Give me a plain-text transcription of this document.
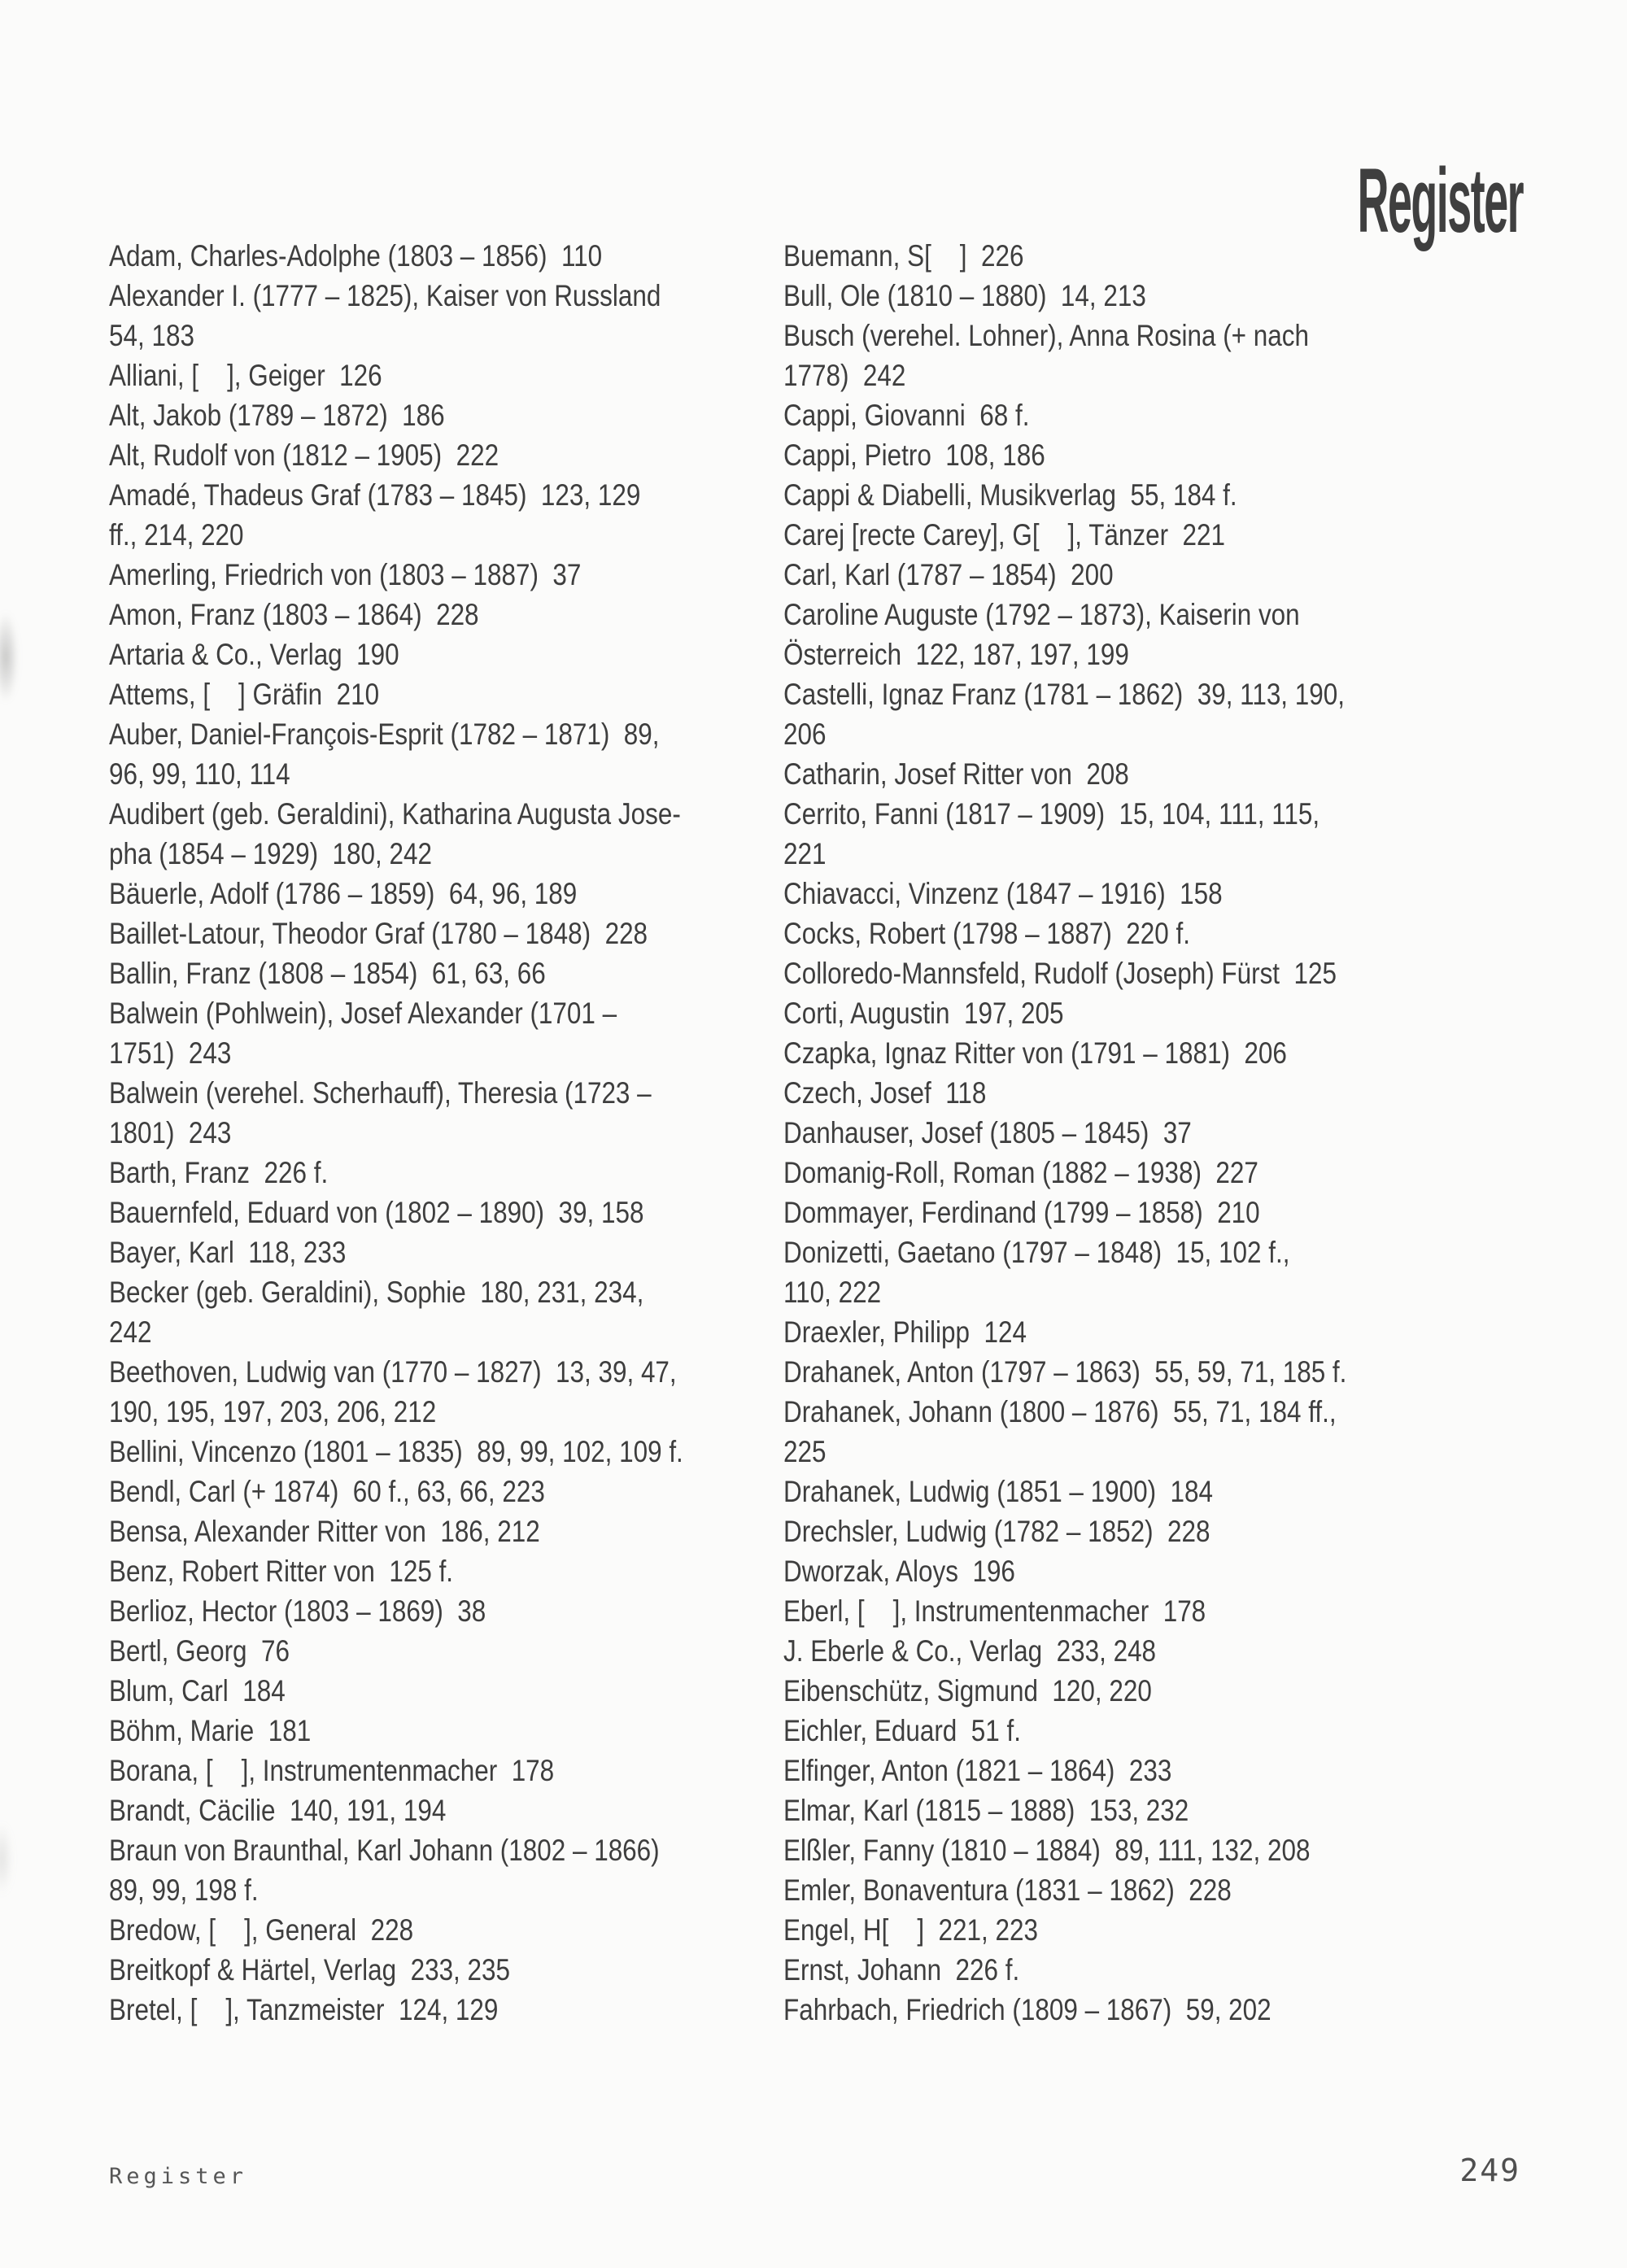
Register
Adam, Charles-Adolphe (1803 – 1856)  110
Alexander I. (1777 – 1825), Kaiser von Russland
54, 183
Alliani, [    ], Geiger  126
Alt, Jakob (1789 – 1872)  186
Alt, Rudolf von (1812 – 1905)  222
Amadé, Thadeus Graf (1783 – 1845)  123, 129
ff., 214, 220
Amerling, Friedrich von (1803 – 1887)  37
Amon, Franz (1803 – 1864)  228
Artaria & Co., Verlag  190
Attems, [    ] Gräfin  210
Auber, Daniel-François-Esprit (1782 – 1871)  89,
96, 99, 110, 114
Audibert (geb. Geraldini), Katharina Augusta Jose-
pha (1854 – 1929)  180, 242
Bäuerle, Adolf (1786 – 1859)  64, 96, 189
Baillet-Latour, Theodor Graf (1780 – 1848)  228
Ballin, Franz (1808 – 1854)  61, 63, 66
Balwein (Pohlwein), Josef Alexander (1701 –
1751)  243
Balwein (verehel. Scherhauff), Theresia (1723 –
1801)  243
Barth, Franz  226 f.
Bauernfeld, Eduard von (1802 – 1890)  39, 158
Bayer, Karl  118, 233
Becker (geb. Geraldini), Sophie  180, 231, 234,
242
Beethoven, Ludwig van (1770 – 1827)  13, 39, 47,
190, 195, 197, 203, 206, 212
Bellini, Vincenzo (1801 – 1835)  89, 99, 102, 109 f.
Bendl, Carl (+ 1874)  60 f., 63, 66, 223
Bensa, Alexander Ritter von  186, 212
Benz, Robert Ritter von  125 f.
Berlioz, Hector (1803 – 1869)  38
Bertl, Georg  76
Blum, Carl  184
Böhm, Marie  181
Borana, [    ], Instrumentenmacher  178
Brandt, Cäcilie  140, 191, 194
Braun von Braunthal, Karl Johann (1802 – 1866)
89, 99, 198 f.
Bredow, [    ], General  228
Breitkopf & Härtel, Verlag  233, 235
Bretel, [    ], Tanzmeister  124, 129
Buemann, S[    ]  226
Bull, Ole (1810 – 1880)  14, 213
Busch (verehel. Lohner), Anna Rosina (+ nach
1778)  242
Cappi, Giovanni  68 f.
Cappi, Pietro  108, 186
Cappi & Diabelli, Musikverlag  55, 184 f.
Carej [recte Carey], G[    ], Tänzer  221
Carl, Karl (1787 – 1854)  200
Caroline Auguste (1792 – 1873), Kaiserin von
Österreich  122, 187, 197, 199
Castelli, Ignaz Franz (1781 – 1862)  39, 113, 190,
206
Catharin, Josef Ritter von  208
Cerrito, Fanni (1817 – 1909)  15, 104, 111, 115,
221
Chiavacci, Vinzenz (1847 – 1916)  158
Cocks, Robert (1798 – 1887)  220 f.
Colloredo-Mannsfeld, Rudolf (Joseph) Fürst  125
Corti, Augustin  197, 205
Czapka, Ignaz Ritter von (1791 – 1881)  206
Czech, Josef  118
Danhauser, Josef (1805 – 1845)  37
Domanig-Roll, Roman (1882 – 1938)  227
Dommayer, Ferdinand (1799 – 1858)  210
Donizetti, Gaetano (1797 – 1848)  15, 102 f.,
110, 222
Draexler, Philipp  124
Drahanek, Anton (1797 – 1863)  55, 59, 71, 185 f.
Drahanek, Johann (1800 – 1876)  55, 71, 184 ff.,
225
Drahanek, Ludwig (1851 – 1900)  184
Drechsler, Ludwig (1782 – 1852)  228
Dworzak, Aloys  196
Eberl, [    ], Instrumentenmacher  178
J. Eberle & Co., Verlag  233, 248
Eibenschütz, Sigmund  120, 220
Eichler, Eduard  51 f.
Elfinger, Anton (1821 – 1864)  233
Elmar, Karl (1815 – 1888)  153, 232
Elßler, Fanny (1810 – 1884)  89, 111, 132, 208
Emler, Bonaventura (1831 – 1862)  228
Engel, H[    ]  221, 223
Ernst, Johann  226 f.
Fahrbach, Friedrich (1809 – 1867)  59, 202
Register	249
